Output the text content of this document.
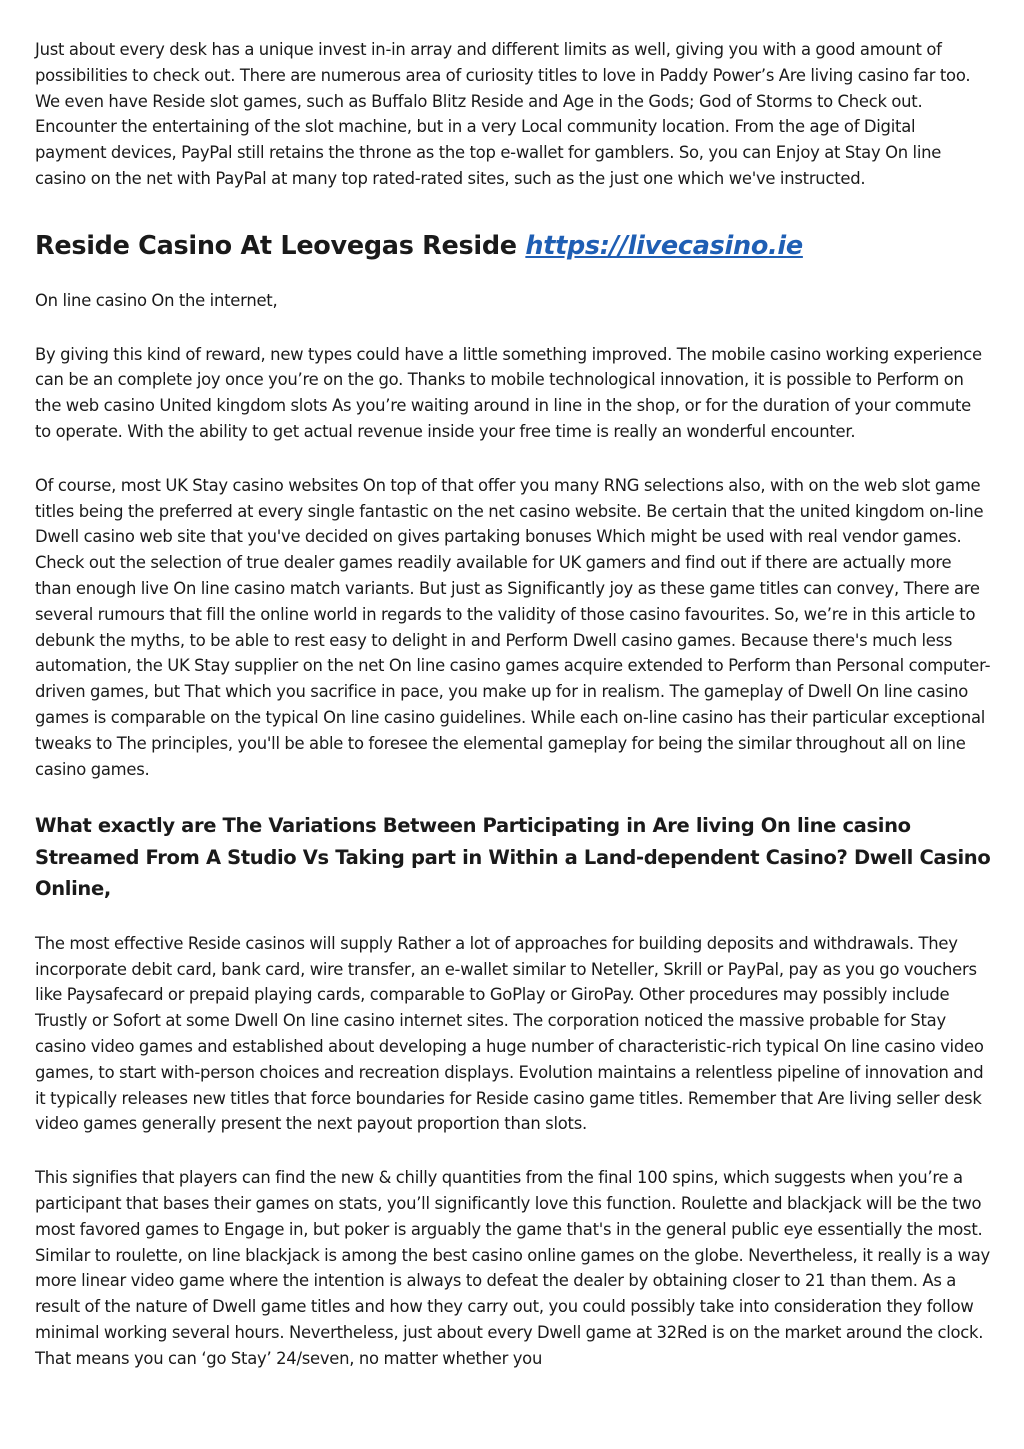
Just about every desk has a unique invest in-in array and different limits as well, giving you with a good amount of possibilities to check out. There are numerous area of curiosity titles to love in Paddy Power’s Are living casino far too. We even have Reside slot games, such as Buffalo Blitz Reside and Age in the Gods; God of Storms to Check out. Encounter the entertaining of the slot machine, but in a very Local community location. From the age of Digital payment devices, PayPal still retains the throne as the top e-wallet for gamblers. So, you can Enjoy at Stay On line casino on the net with PayPal at many top rated-rated sites, such as the just one which we've instructed.

Reside Casino At Leovegas Reside https://livecasino.ie

On line casino On the internet,

By giving this kind of reward, new types could have a little something improved. The mobile casino working experience can be an complete joy once you’re on the go. Thanks to mobile technological innovation, it is possible to Perform on the web casino United kingdom slots As you’re waiting around in line in the shop, or for the duration of your commute to operate. With the ability to get actual revenue inside your free time is really an wonderful encounter.

Of course, most UK Stay casino websites On top of that offer you many RNG selections also, with on the web slot game titles being the preferred at every single fantastic on the net casino website. Be certain that the united kingdom on-line Dwell casino web site that you've decided on gives partaking bonuses Which might be used with real vendor games. Check out the selection of true dealer games readily available for UK gamers and find out if there are actually more than enough live On line casino match variants. But just as Significantly joy as these game titles can convey, There are several rumours that fill the online world in regards to the validity of those casino favourites. So, we’re in this article to debunk the myths, to be able to rest easy to delight in and Perform Dwell casino games. Because there's much less automation, the UK Stay supplier on the net On line casino games acquire extended to Perform than Personal computer-driven games, but That which you sacrifice in pace, you make up for in realism. The gameplay of Dwell On line casino games is comparable on the typical On line casino guidelines. While each on-line casino has their particular exceptional tweaks to The principles, you'll be able to foresee the elemental gameplay for being the similar throughout all on line casino games.

What exactly are The Variations Between Participating in Are living On line casino Streamed From A Studio Vs Taking part in Within a Land-dependent Casino? Dwell Casino Online,

The most effective Reside casinos will supply Rather a lot of approaches for building deposits and withdrawals. They incorporate debit card, bank card, wire transfer, an e-wallet similar to Neteller, Skrill or PayPal, pay as you go vouchers like Paysafecard or prepaid playing cards, comparable to GoPlay or GiroPay. Other procedures may possibly include Trustly or Sofort at some Dwell On line casino internet sites. The corporation noticed the massive probable for Stay casino video games and established about developing a huge number of characteristic-rich typical On line casino video games, to start with-person choices and recreation displays. Evolution maintains a relentless pipeline of innovation and it typically releases new titles that force boundaries for Reside casino game titles. Remember that Are living seller desk video games generally present the next payout proportion than slots.

This signifies that players can find the new & chilly quantities from the final 100 spins, which suggests when you’re a participant that bases their games on stats, you’ll significantly love this function. Roulette and blackjack will be the two most favored games to Engage in, but poker is arguably the game that's in the general public eye essentially the most. Similar to roulette, on line blackjack is among the best casino online games on the globe. Nevertheless, it really is a way more linear video game where the intention is always to defeat the dealer by obtaining closer to 21 than them. As a result of the nature of Dwell game titles and how they carry out, you could possibly take into consideration they follow minimal working several hours. Nevertheless, just about every Dwell game at 32Red is on the market around the clock. That means you can ‘go Stay’ 24/seven, no matter whether you
